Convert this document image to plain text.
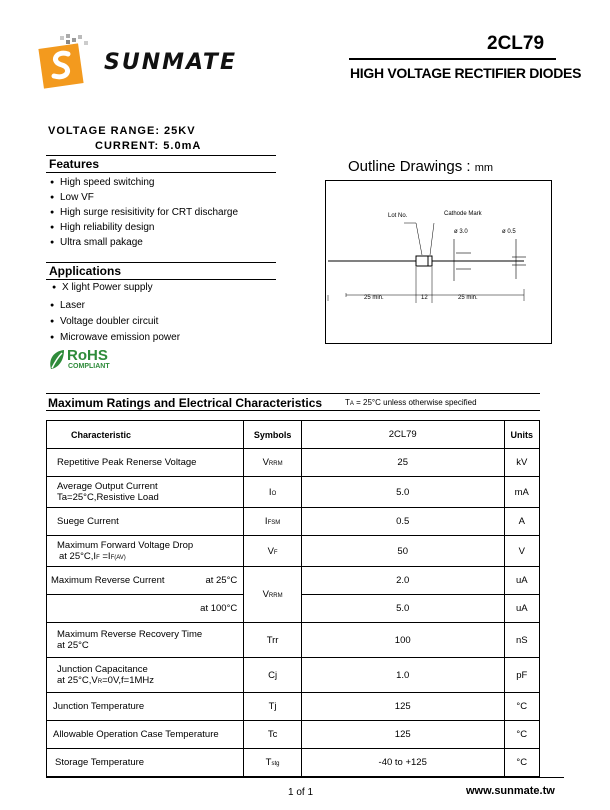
SUNMATE
2CL79
HIGH VOLTAGE RECTIFIER DIODES
VOLTAGE RANGE: 25KV
CURRENT: 5.0mA
Features
● High speed switching
● Low VF
● High surge resisitivity for CRT discharge
● High reliability design
● Ultra small pakage
Applications
● X light Power supply
● Laser
● Voltage doubler circuit
● Microwave emission power
RoHS
COMPLIANT
Outline Drawings : mm
Lot No.	Cathode Mark
ø 3.0	ø 0.5
25 min.	12	25 min.
Maximum Ratings and Electrical Characteristics	TA = 25°C unless otherwise specified
Characteristic	Symbols	2CL79	Units
Repetitive Peak Renerse Voltage	VRRM	25	kV

Average Output Current
Ta=25°C,Resistive Load	IO	5.0	mA
Suege Current	IFSM	0.5	A

Maximum Forward Voltage Drop
at 25°C,IF =IF(AV)	VF	50	V
Maximum Reverse Current at 25°C	VRRM	2.0	uA
at 100°C		5.0	uA

Maximum Reverse Recovery Time
at 25°C	Trr	100	nS

Junction Capacitance
at 25°C,VR=0V,f=1MHz	Cj	1.0	pF
Junction Temperature	Tj	125	°C
Allowable Operation Case Temperature	Tc	125	°C
Storage Temperature	Tstg	-40 to +125	°C
1 of 1	www.sunmate.tw
